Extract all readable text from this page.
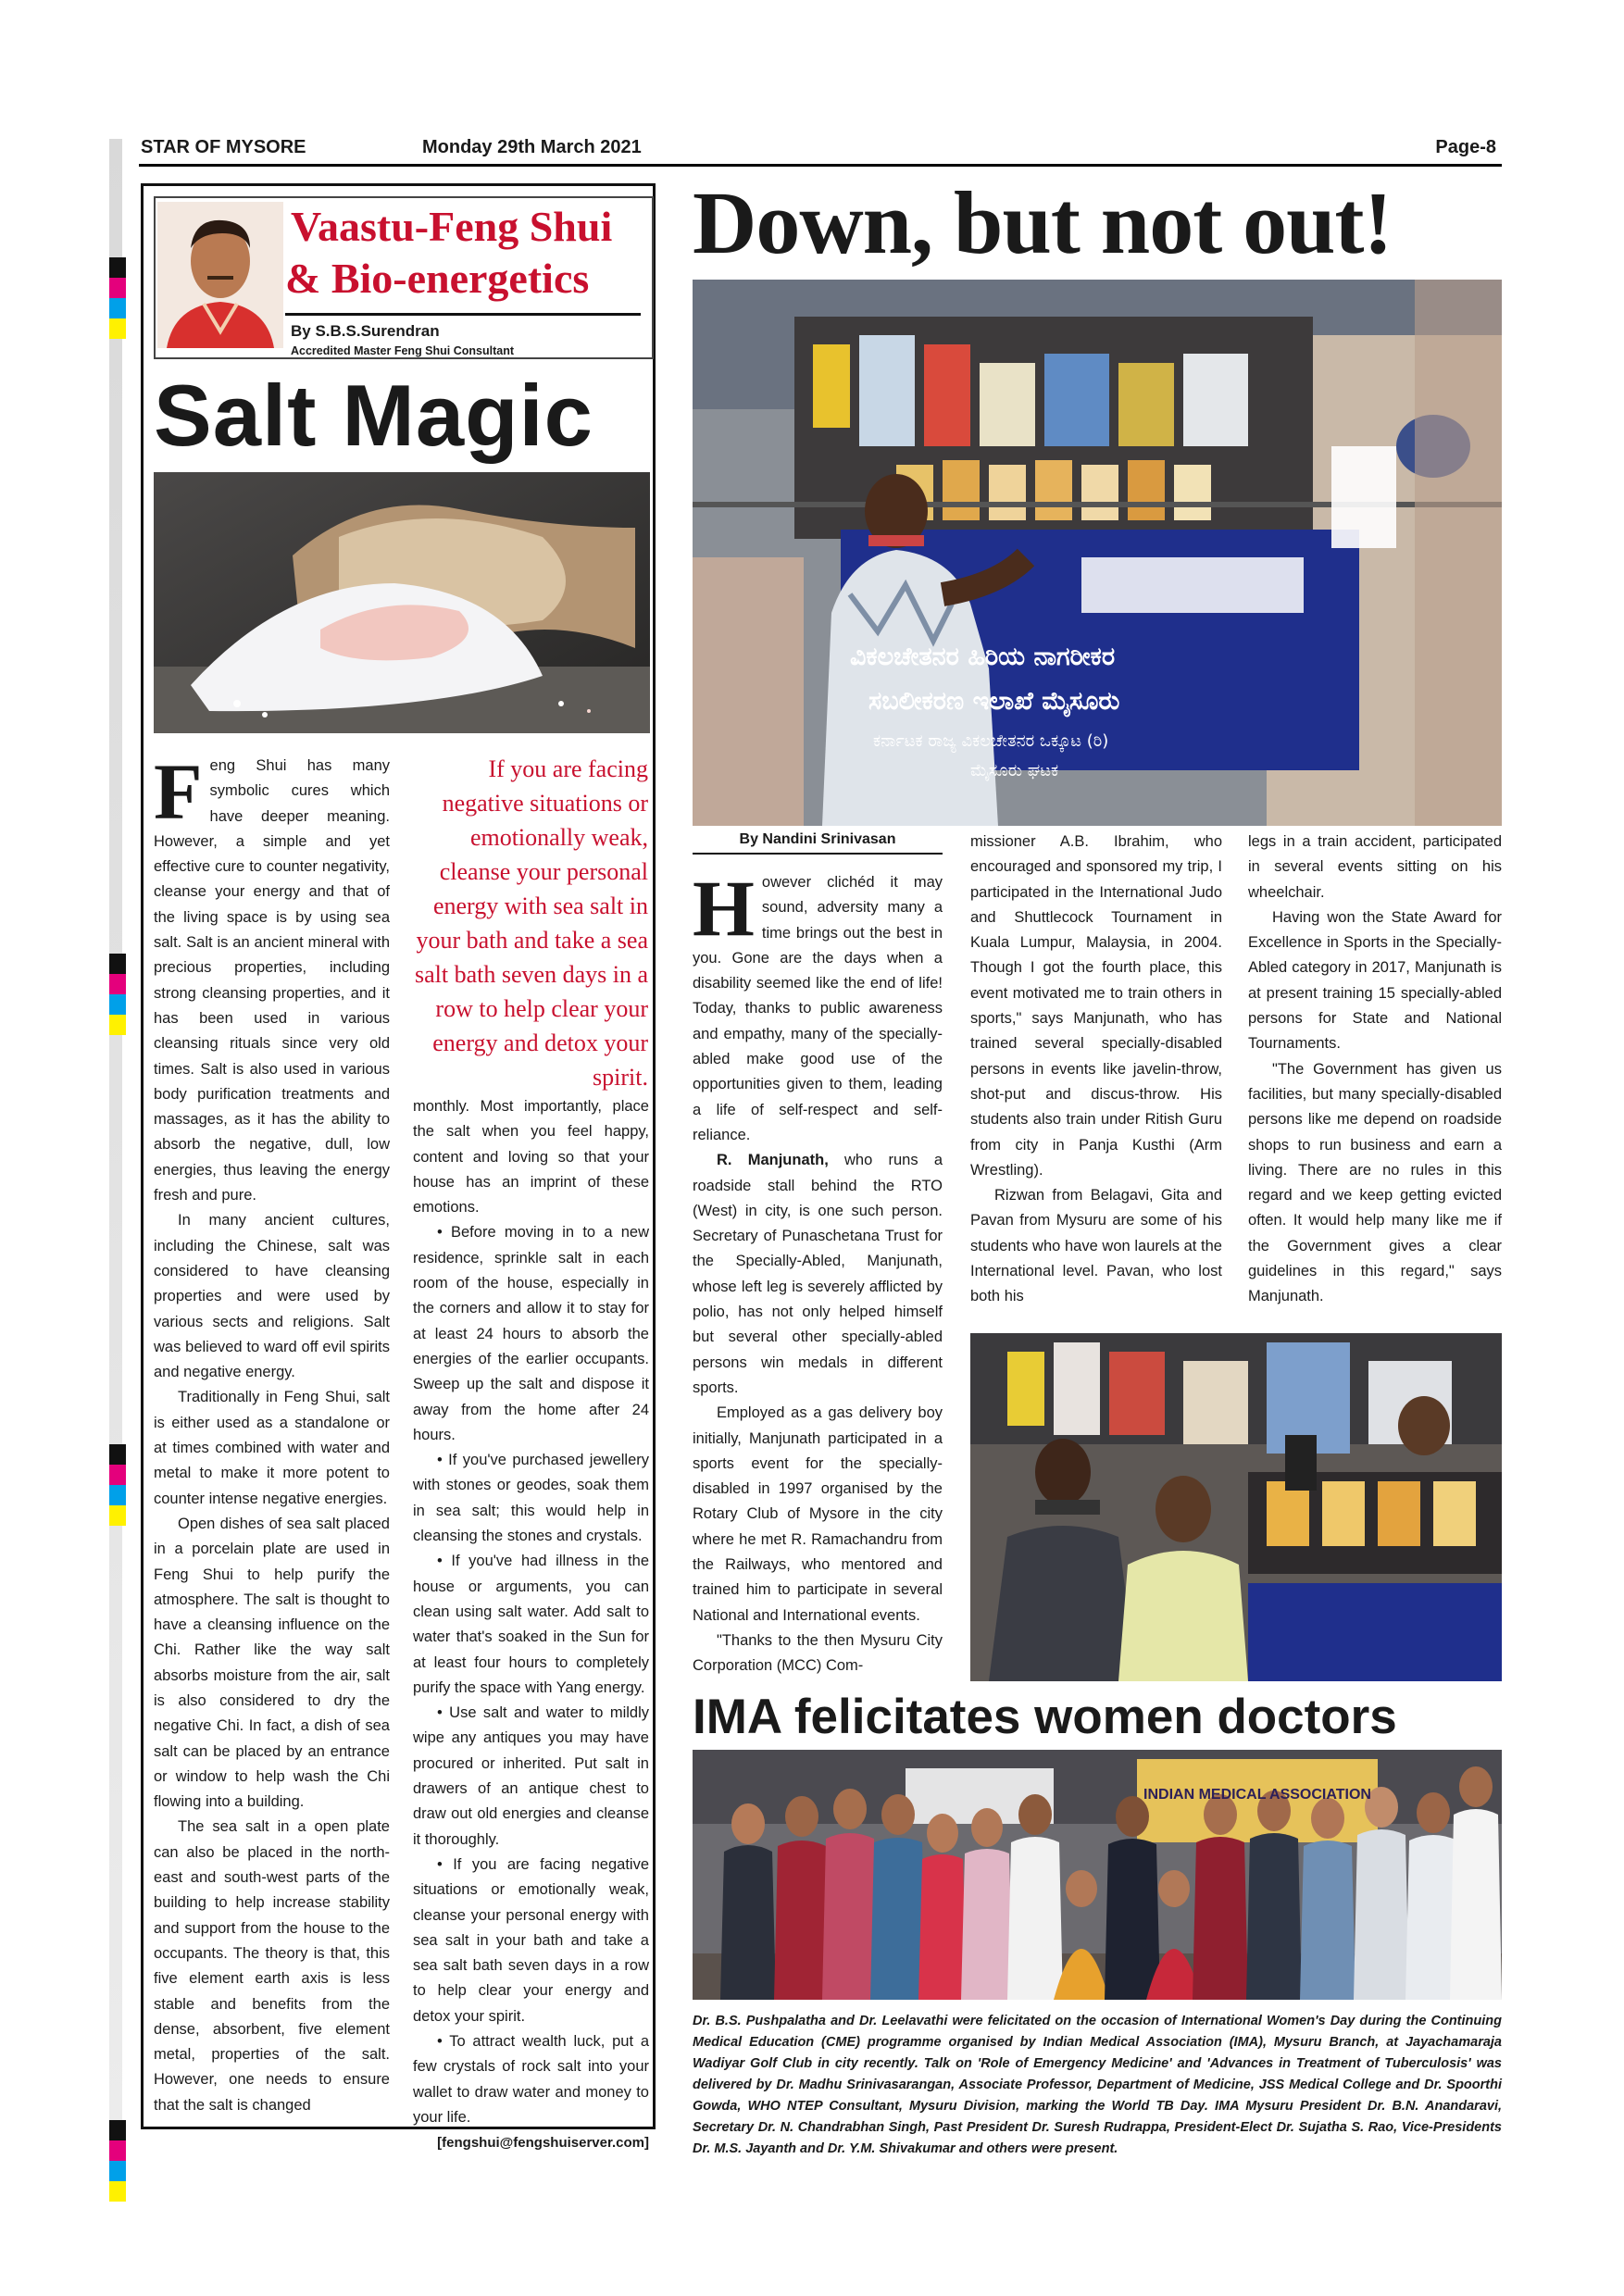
STAR OF MYSORE	Monday 29th March 2021	Page-8
Vaastu-Feng Shui
& Bio-energetics
By S.B.S.Surendran
Accredited Master Feng Shui Consultant
Salt Magic

Feng Shui has many symbolic cures which have deeper meaning. However, a simple and yet effective cure to counter negativity, cleanse your energy and that of the living space is by using sea salt. Salt is an ancient mineral with precious properties, including strong cleansing properties, and it has been used in various cleansing rituals since very old times. Salt is also used in various body purification treatments and massages, as it has the ability to absorb the negative, dull, low energies, thus leaving the energy fresh and pure.

In many ancient cultures, including the Chinese, salt was considered to have cleansing properties and were used by various sects and religions. Salt was believed to ward off evil spirits and negative energy.

Traditionally in Feng Shui, salt is either used as a standalone or at times combined with water and metal to make it more potent to counter intense negative energies.

Open dishes of sea salt placed in a porcelain plate are used in Feng Shui to help purify the atmosphere. The salt is thought to have a cleansing influence on the Chi. Rather like the way salt absorbs moisture from the air, salt is also considered to dry the negative Chi. In fact, a dish of sea salt can be placed by an entrance or window to help wash the Chi flowing into a building.

The sea salt in a open plate can also be placed in the north-east and south-west parts of the building to help increase stability and support from the house to the occupants. The theory is that, this five element earth axis is less stable and benefits from the dense, absorbent, five element metal, properties of the salt. However, one needs to ensure that the salt is changed

If you are facing negative situations or emotionally weak, cleanse your personal energy with sea salt in your bath and take a sea salt bath seven days in a row to help clear your energy and detox your spirit.

monthly. Most importantly, place the salt when you feel happy, content and loving so that your house has an imprint of these emotions.

• Before moving in to a new residence, sprinkle salt in each room of the house, especially in the corners and allow it to stay for at least 24 hours to absorb the energies of the earlier occupants. Sweep up the salt and dispose it away from the home after 24 hours.

• If you've purchased jewellery with stones or geodes, soak them in sea salt; this would help in cleansing the stones and crystals.

• If you've had illness in the house or arguments, you can clean using salt water. Add salt to water that's soaked in the Sun for at least four hours to completely purify the space with Yang energy.

• Use salt and water to mildly wipe any antiques you may have procured or inherited. Put salt in drawers of an antique chest to draw out old energies and cleanse it thoroughly.

• If you are facing negative situations or emotionally weak, cleanse your personal energy with sea salt in your bath and take a sea salt bath seven days in a row to help clear your energy and detox your spirit.

• To attract wealth luck, put a few crystals of rock salt into your wallet to draw water and money to your life.

[fengshui@fengshuiserver.com]

Down, but not out!
ವಿಕಲಚೇತನರ ಹಿರಿಯ ನಾಗರೀಕರ
ಸಬಲೀಕರಣ ಇಲಾಖೆ ಮೈಸೂರು
ಕರ್ನಾಟಕ ರಾಜ್ಯ ವಿಕಲಚೇತನರ ಒಕ್ಕೂಟ (ರಿ)
ಮೈಸೂರು ಘಟಕ
By Nandini Srinivasan

However clichéd it may sound, adversity many a time brings out the best in you. Gone are the days when a disability seemed like the end of life! Today, thanks to public awareness and empathy, many of the specially-abled make good use of the opportunities given to them, leading a life of self-respect and self-reliance.

R. Manjunath, who runs a roadside stall behind the RTO (West) in city, is one such person. Secretary of Punaschetana Trust for the Specially-Abled, Manjunath, whose left leg is severely afflicted by polio, has not only helped himself but several other specially-abled persons win medals in different sports.

Employed as a gas delivery boy initially, Manjunath participated in a sports event for the specially-disabled in 1997 organised by the Rotary Club of Mysore in the city where he met R. Ramachandru from the Railways, who mentored and trained him to participate in several National and International events.

"Thanks to the then Mysuru City Corporation (MCC) Com-

missioner A.B. Ibrahim, who encouraged and sponsored my trip, I participated in the International Judo and Shuttlecock Tournament in Kuala Lumpur, Malaysia, in 2004. Though I got the fourth place, this event motivated me to train others in sports," says Manjunath, who has trained several specially-disabled persons in events like javelin-throw, shot-put and discus-throw. His students also train under Ritish Guru from city in Panja Kusthi (Arm Wrestling).

Rizwan from Belagavi, Gita and Pavan from Mysuru are some of his students who have won laurels at the International level. Pavan, who lost both his

legs in a train accident, participated in several events sitting on his wheelchair.

Having won the State Award for Excellence in Sports in the Specially-Abled category in 2017, Manjunath is at present training 15 specially-abled persons for State and National Tournaments.

"The Government has given us facilities, but many specially-disabled persons like me depend on roadside shops to run business and earn a living. There are no rules in this regard and we keep getting evicted often. It would help many like me if the Government gives a clear guidelines in this regard," says Manjunath.

IMA felicitates women doctors
INDIAN MEDICAL ASSOCIATION
Dr. B.S. Pushpalatha and Dr. Leelavathi were felicitated on the occasion of International Women's Day during the Continuing Medical Education (CME) programme organised by Indian Medical Association (IMA), Mysuru Branch, at Jayachamaraja Wadiyar Golf Club in city recently. Talk on 'Role of Emergency Medicine' and 'Advances in Treatment of Tuberculosis' was delivered by Dr. Madhu Srinivasarangan, Associate Professor, Department of Medicine, JSS Medical College and Dr. Spoorthi Gowda, WHO NTEP Consultant, Mysuru Division, marking the World TB Day. IMA Mysuru President Dr. B.N. Anandaravi, Secretary Dr. N. Chandrabhan Singh, Past President Dr. Suresh Rudrappa, President-Elect Dr. Sujatha S. Rao, Vice-Presidents Dr. M.S. Jayanth and Dr. Y.M. Shivakumar and others were present.
